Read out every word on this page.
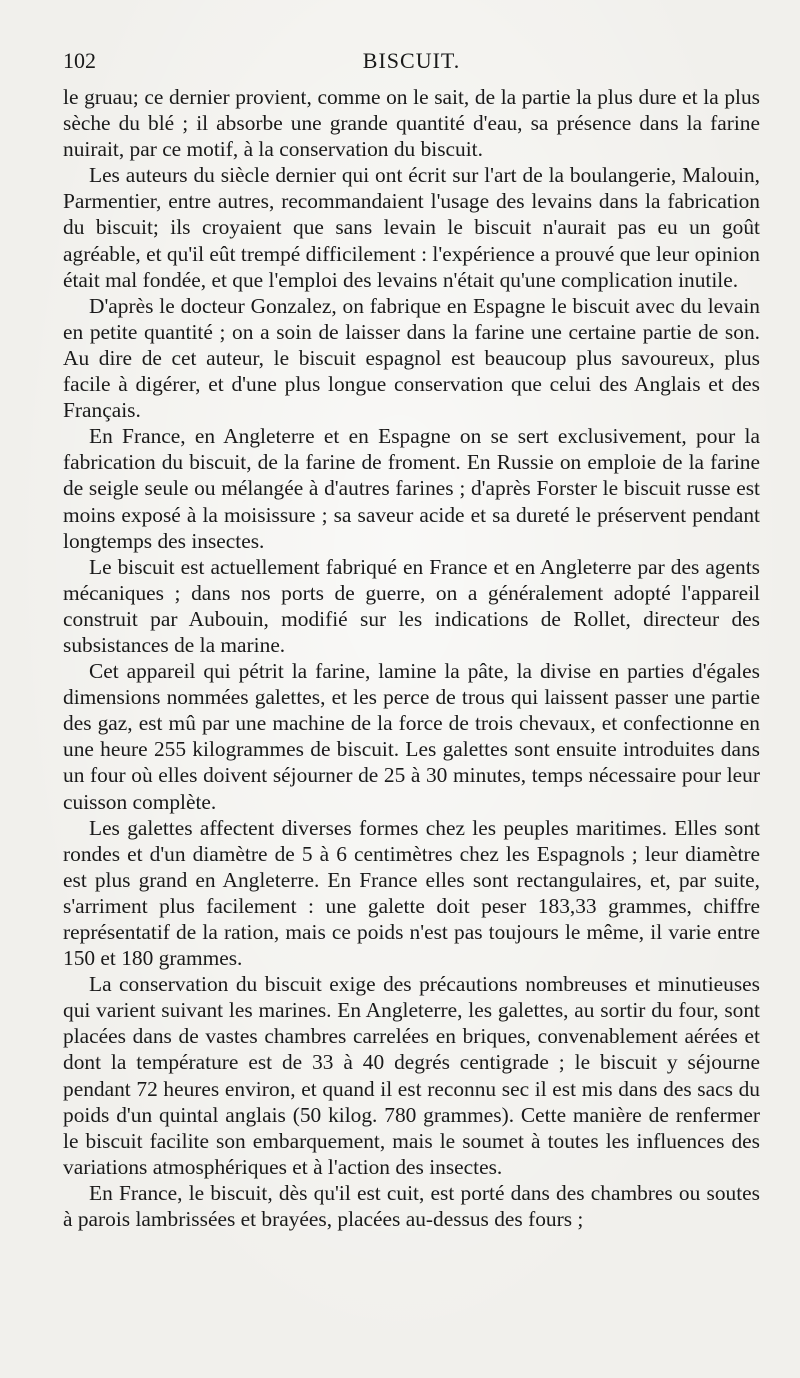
102	BISCUIT.

le gruau; ce dernier provient, comme on le sait, de la partie la plus dure et la plus sèche du blé ; il absorbe une grande quantité d'eau, sa présence dans la farine nuirait, par ce motif, à la conservation du biscuit.

Les auteurs du siècle dernier qui ont écrit sur l'art de la boulangerie, Malouin, Parmentier, entre autres, recommandaient l'usage des levains dans la fabrication du biscuit; ils croyaient que sans levain le biscuit n'aurait pas eu un goût agréable, et qu'il eût trempé difficilement : l'expérience a prouvé que leur opinion était mal fondée, et que l'emploi des levains n'était qu'une complication inutile.

D'après le docteur Gonzalez, on fabrique en Espagne le biscuit avec du levain en petite quantité ; on a soin de laisser dans la farine une certaine partie de son. Au dire de cet auteur, le biscuit espagnol est beaucoup plus savoureux, plus facile à digérer, et d'une plus longue conservation que celui des Anglais et des Français.

En France, en Angleterre et en Espagne on se sert exclusivement, pour la fabrication du biscuit, de la farine de froment. En Russie on emploie de la farine de seigle seule ou mélangée à d'autres farines ; d'après Forster le biscuit russe est moins exposé à la moisissure ; sa saveur acide et sa dureté le préservent pendant longtemps des insectes.

Le biscuit est actuellement fabriqué en France et en Angleterre par des agents mécaniques ; dans nos ports de guerre, on a généralement adopté l'appareil construit par Aubouin, modifié sur les indications de Rollet, directeur des subsistances de la marine.

Cet appareil qui pétrit la farine, lamine la pâte, la divise en parties d'égales dimensions nommées galettes, et les perce de trous qui laissent passer une partie des gaz, est mû par une machine de la force de trois chevaux, et confectionne en une heure 255 kilogrammes de biscuit. Les galettes sont ensuite introduites dans un four où elles doivent séjourner de 25 à 30 minutes, temps nécessaire pour leur cuisson complète.

Les galettes affectent diverses formes chez les peuples maritimes. Elles sont rondes et d'un diamètre de 5 à 6 centimètres chez les Espagnols ; leur diamètre est plus grand en Angleterre. En France elles sont rectangulaires, et, par suite, s'arriment plus facilement : une galette doit peser 183,33 grammes, chiffre représentatif de la ration, mais ce poids n'est pas toujours le même, il varie entre 150 et 180 grammes.

La conservation du biscuit exige des précautions nombreuses et minutieuses qui varient suivant les marines. En Angleterre, les galettes, au sortir du four, sont placées dans de vastes chambres carrelées en briques, convenablement aérées et dont la température est de 33 à 40 degrés centigrade ; le biscuit y séjourne pendant 72 heures environ, et quand il est reconnu sec il est mis dans des sacs du poids d'un quintal anglais (50 kilog. 780 grammes). Cette manière de renfermer le biscuit facilite son embarquement, mais le soumet à toutes les influences des variations atmosphériques et à l'action des insectes.

En France, le biscuit, dès qu'il est cuit, est porté dans des chambres ou soutes à parois lambrissées et brayées, placées au-dessus des fours ;
